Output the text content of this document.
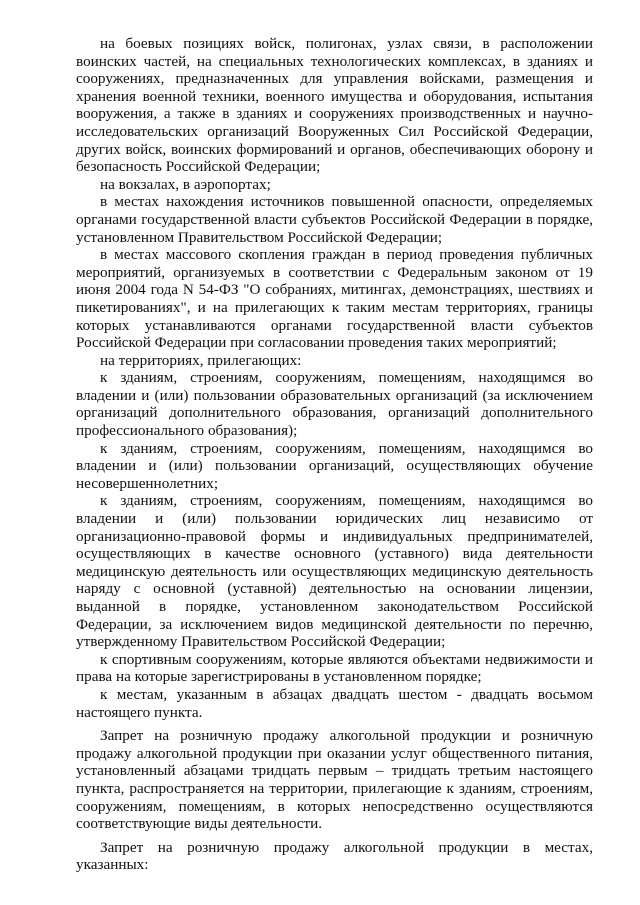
на боевых позициях войск, полигонах, узлах связи, в расположении воинских частей, на специальных технологических комплексах, в зданиях и сооружениях, предназначенных для управления войсками, размещения и хранения военной техники, военного имущества и оборудования, испытания вооружения, а также в зданиях и сооружениях производственных и научно-исследовательских организаций Вооруженных Сил Российской Федерации, других войск, воинских формирований и органов, обеспечивающих оборону и безопасность Российской Федерации;

на вокзалах, в аэропортах;

в местах нахождения источников повышенной опасности, определяемых органами государственной власти субъектов Российской Федерации в порядке, установленном Правительством Российской Федерации;

в местах массового скопления граждан в период проведения публичных мероприятий, организуемых в соответствии с Федеральным законом от 19 июня 2004 года N 54-ФЗ "О собраниях, митингах, демонстрациях, шествиях и пикетированиях", и на прилегающих к таким местам территориях, границы которых устанавливаются органами государственной власти субъектов Российской Федерации при согласовании проведения таких мероприятий;

на территориях, прилегающих:

к зданиям, строениям, сооружениям, помещениям, находящимся во владении и (или) пользовании образовательных организаций (за исключением организаций дополнительного образования, организаций дополнительного профессионального образования);

к зданиям, строениям, сооружениям, помещениям, находящимся во владении и (или) пользовании организаций, осуществляющих обучение несовершеннолетних;

к зданиям, строениям, сооружениям, помещениям, находящимся во владении и (или) пользовании юридических лиц независимо от организационно-правовой формы и индивидуальных предпринимателей, осуществляющих в качестве основного (уставного) вида деятельности медицинскую деятельность или осуществляющих медицинскую деятельность наряду с основной (уставной) деятельностью на основании лицензии, выданной в порядке, установленном законодательством Российской Федерации, за исключением видов медицинской деятельности по перечню, утвержденному Правительством Российской Федерации;

к спортивным сооружениям, которые являются объектами недвижимости и права на которые зарегистрированы в установленном порядке;

к местам, указанным в абзацах двадцать шестом - двадцать восьмом настоящего пункта.

Запрет на розничную продажу алкогольной продукции и розничную продажу алкогольной продукции при оказании услуг общественного питания, установленный абзацами тридцать первым – тридцать третьим настоящего пункта, распространяется на территории, прилегающие к зданиям, строениям, сооружениям, помещениям, в которых непосредственно осуществляются соответствующие виды деятельности.

Запрет на розничную продажу алкогольной продукции в местах, указанных:
